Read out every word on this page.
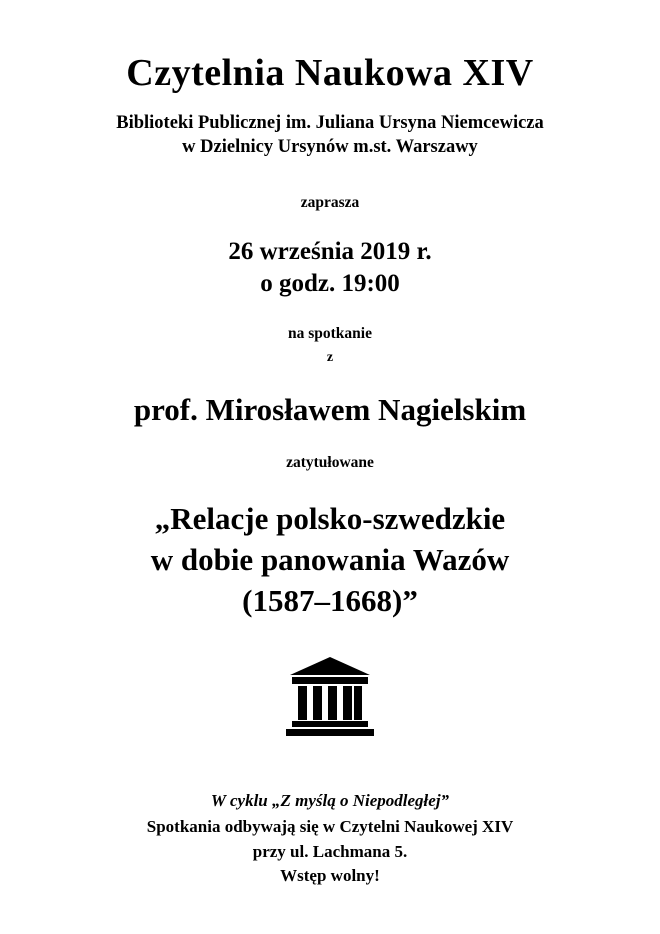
Czytelnia Naukowa XIV
Biblioteki Publicznej im. Juliana Ursyna Niemcewicza
w Dzielnicy Ursynów m.st. Warszawy
zaprasza
26 września 2019 r.
o godz. 19:00
na spotkanie
z
prof. Mirosławem Nagielskim
zatytułowane
„Relacje polsko-szwedzkie
w dobie panowania Wazów
(1587–1668)”
W cyklu „Z myślą o Niepodległej”
Spotkania odbywają się w Czytelni Naukowej XIV
przy ul. Lachmana 5.
Wstęp wolny!
